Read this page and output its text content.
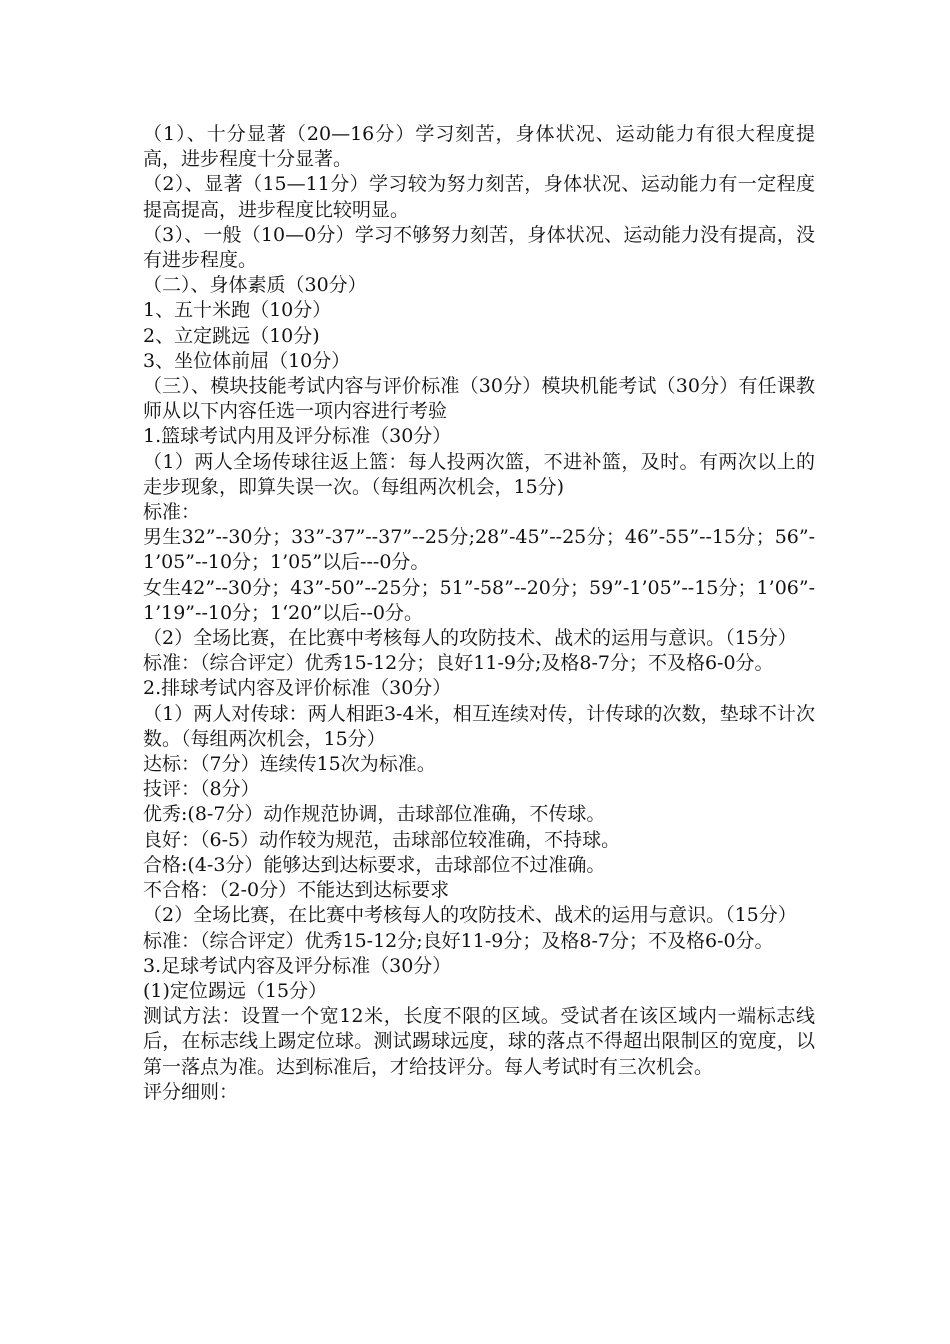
（1）、十分显著（20—16分）学习刻苦，身体状况、运动能力有很大程度提高，进步程度十分显著。

（2）、显著（15—11分）学习较为努力刻苦，身体状况、运动能力有一定程度提高提高，进步程度比较明显。

（3）、一般（10—0分）学习不够努力刻苦，身体状况、运动能力没有提高，没有进步程度。

（二）、身体素质（30分）

1、五十米跑（10分）

2、立定跳远（10分)

3、坐位体前屈（10分）

（三）、模块技能考试内容与评价标准（30分）模块机能考试（30分）有任课教师从以下内容任选一项内容进行考验

1.篮球考试内用及评分标准（30分）

（1）两人全场传球往返上篮：每人投两次篮，不进补篮，及时。有两次以上的走步现象，即算失误一次。（每组两次机会，15分)

标准：

男生32”--30分；33”-37”--37”--25分;28”-45”--25分；46”-55”--15分；56”-1’05”--10分；1’05”以后---0分。

女生42”--30分；43”-50”--25分；51”-58”--20分；59”-1’05”--15分；1’06”-1’19”--10分；1‘20”以后--0分。

（2）全场比赛，在比赛中考核每人的攻防技术、战术的运用与意识。（15分）

标准：（综合评定）优秀15-12分；良好11-9分;及格8-7分；不及格6-0分。

2.排球考试内容及评价标准（30分）

（1）两人对传球：两人相距3-4米，相互连续对传，计传球的次数，垫球不计次数。（每组两次机会，15分）

达标：（7分）连续传15次为标准。

技评：（8分）

优秀:(8-7分）动作规范协调，击球部位准确，不传球。

良好：（6-5）动作较为规范，击球部位较准确，不持球。

合格:(4-3分）能够达到达标要求，击球部位不过准确。

不合格：（2-0分）不能达到达标要求

（2）全场比赛，在比赛中考核每人的攻防技术、战术的运用与意识。（15分）

标准：（综合评定）优秀15-12分;良好11-9分；及格8-7分；不及格6-0分。

3.足球考试内容及评分标准（30分）

(1)定位踢远（15分）

测试方法：设置一个宽12米，长度不限的区域。受试者在该区域内一端标志线后，在标志线上踢定位球。测试踢球远度，球的落点不得超出限制区的宽度，以第一落点为准。达到标准后，才给技评分。每人考试时有三次机会。

评分细则：
